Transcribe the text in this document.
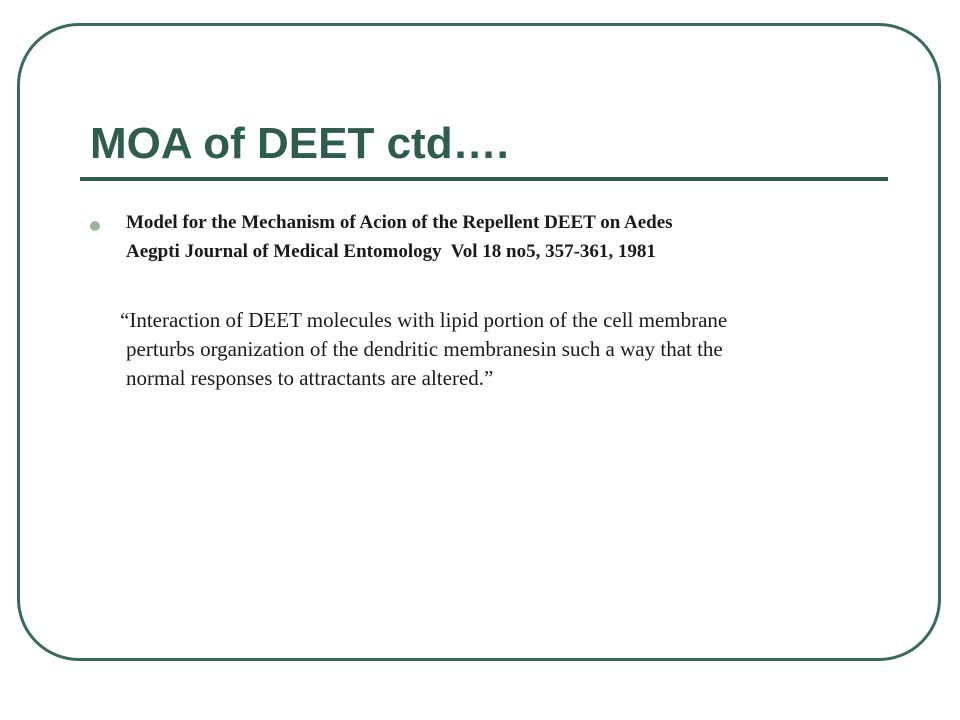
MOA of DEET ctd….

Model for the Mechanism of Acion of the Repellent DEET on Aedes
Aegpti Journal of Medical Entomology  Vol 18 no5, 357-361, 1981

“Interaction of DEET molecules with lipid portion of the cell membrane
perturbs organization of the dendritic membranesin such a way that the
normal responses to attractants are altered.”
